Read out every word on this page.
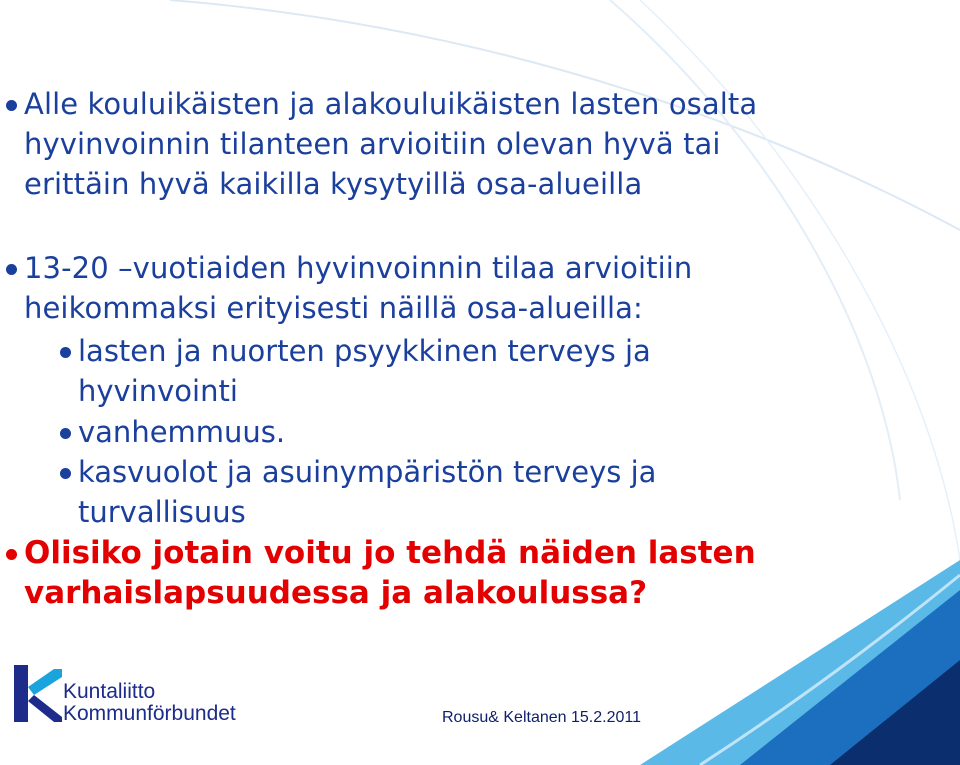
Alle kouluikäisten ja alakouluikäisten lasten osalta
hyvinvoinnin tilanteen arvioitiin olevan hyvä tai
erittäin hyvä kaikilla kysytyillä osa-alueilla
13-20 –vuotiaiden hyvinvoinnin tilaa arvioitiin
heikommaksi erityisesti näillä osa-alueilla:
lasten ja nuorten psyykkinen terveys ja
hyvinvointi
vanhemmuus.
kasvuolot ja asuinympäristön terveys ja
turvallisuus
Olisiko jotain voitu jo tehdä näiden lasten
varhaislapsuudessa ja alakoulussa?
Kuntaliitto
Kommunförbundet	Rousu& Keltanen 15.2.2011
